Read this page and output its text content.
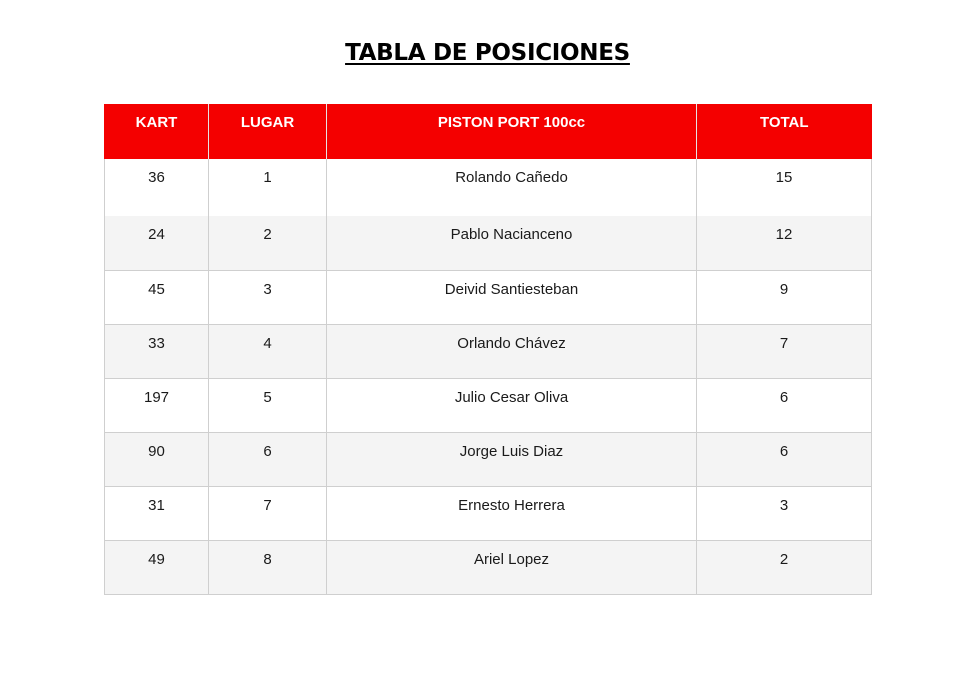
TABLA DE POSICIONES
KART	LUGAR	PISTON PORT 100cc	TOTAL
36	1	Rolando Cañedo	15
24	2	Pablo Nacianceno	12
45	3	Deivid Santiesteban	9
33	4	Orlando Chávez	7
197	5	Julio Cesar Oliva	6
90	6	Jorge Luis Diaz	6
31	7	Ernesto Herrera	3
49	8	Ariel Lopez	2
